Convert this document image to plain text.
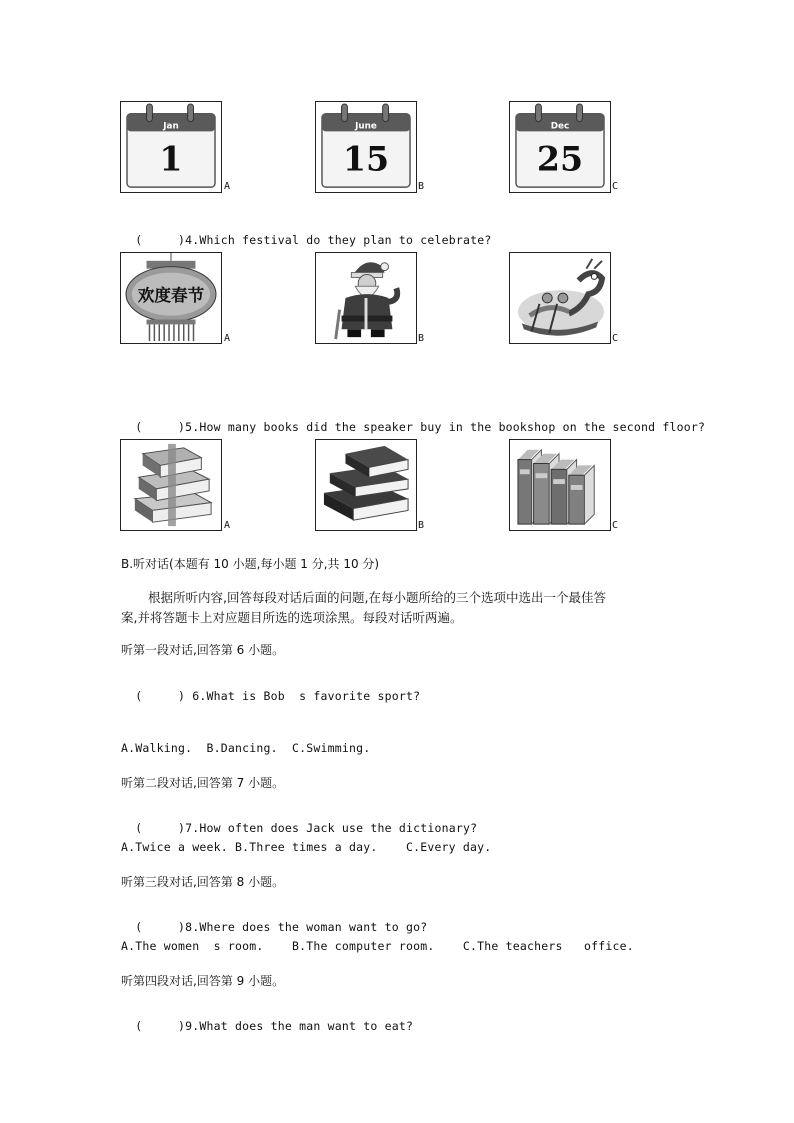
Jan
1
A
June
15
B
Dec
25
C

(     )4.Which festival do they plan to celebrate?

欢度春节
A	B	C

(     )5.How many books did the speaker buy in the bookshop on the second floor?

A	B	C
B.听对话(本题有 10 小题,每小题 1 分,共 10 分)
根据所听内容,回答每段对话后面的问题,在每小题所给的三个选项中选出一个最佳答
案,并将答题卡上对应题目所选的选项涂黑。每段对话听两遍。
听第一段对话,回答第 6 小题。

(     ) 6.What is Bob  s favorite sport?

A.Walking.  B.Dancing.  C.Swimming.
听第二段对话,回答第 7 小题。

(     )7.How often does Jack use the dictionary?

A.Twice a week. B.Three times a day.    C.Every day.
听第三段对话,回答第 8 小题。

(     )8.Where does the woman want to go?

A.The women  s room.    B.The computer room.    C.The teachers   office.
听第四段对话,回答第 9 小题。

(     )9.What does the man want to eat?
